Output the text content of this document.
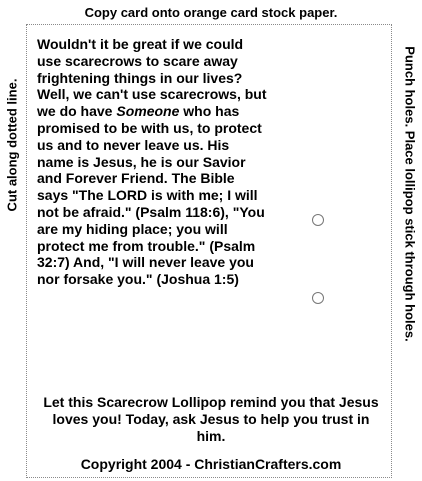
Copy card onto orange card stock paper.
Cut along dotted line.	Punch holes. Place lollipop stick through holes.
Wouldn't it be great if we could use scarecrows to scare away frightening things in our lives? Well, we can't use scarecrows, but we do have Someone who has promised to be with us, to protect us and to never leave us. His name is Jesus, he is our Savior and Forever Friend. The Bible says "The LORD is with me; I will not be afraid." (Psalm 118:6), "You are my hiding place; you will protect me from trouble." (Psalm 32:7) And, "I will never leave you nor forsake you." (Joshua 1:5)
Let this Scarecrow Lollipop remind you that Jesus loves you! Today, ask Jesus to help you trust in him.
Copyright 2004 - ChristianCrafters.com
